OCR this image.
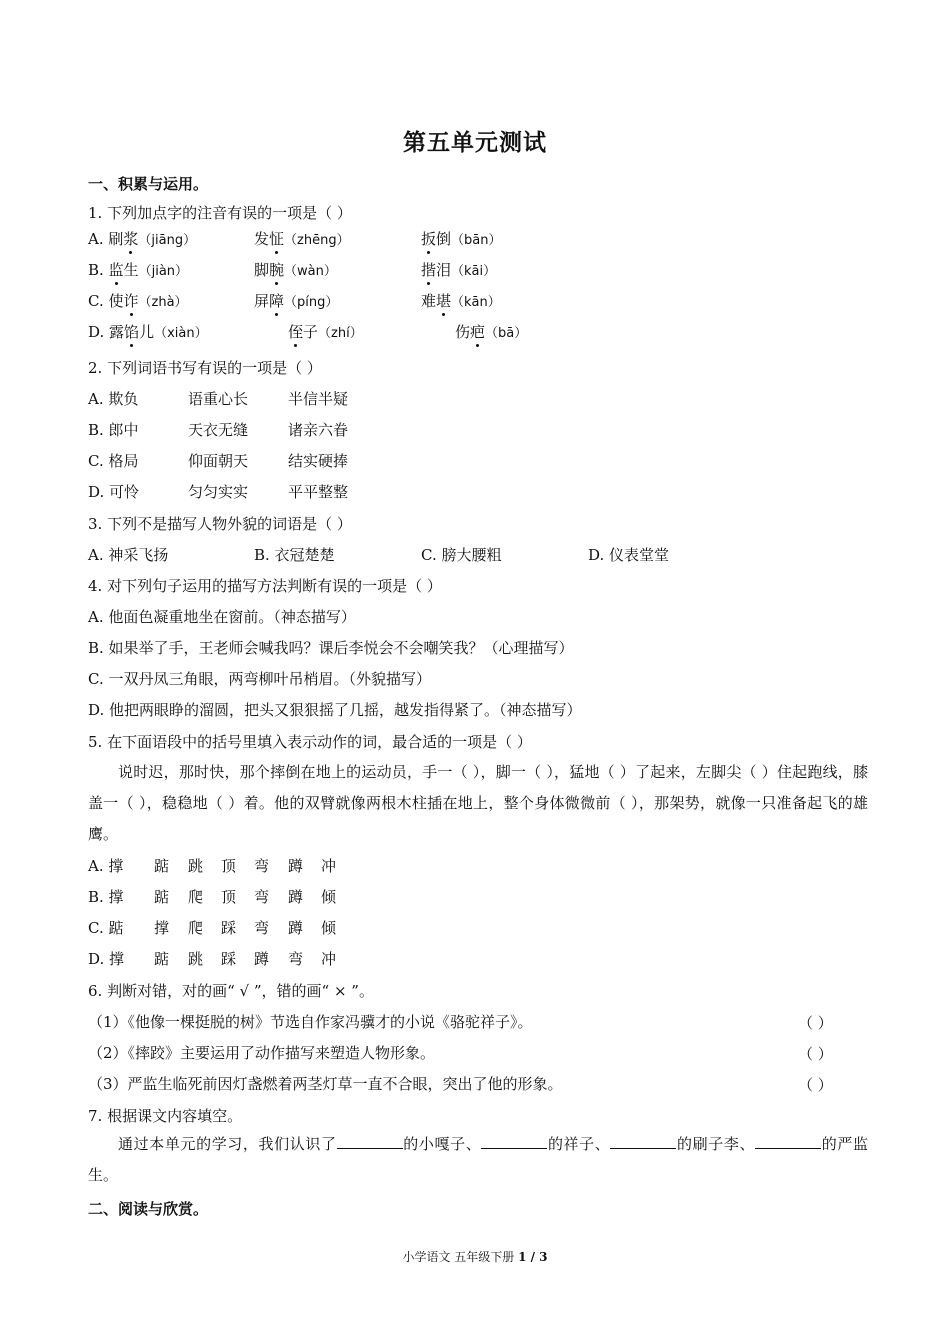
第五单元测试
一、积累与运用。
1. 下列加点字的注音有误的一项是（ ）
A. 刷浆（jiāng）	发怔（zhēng）	扳倒（bān）
B. 监生（jiàn）	脚腕（wàn）	揩泪（kāi）
C. 使诈（zhà）	屏障（píng）	难堪（kān）
D. 露馅儿（xiàn）	侄子（zhí）	伤疤（bā）
2. 下列词语书写有误的一项是（ ）
A. 欺负	语重心长	半信半疑
B. 郎中	天衣无缝	诸亲六眷
C. 格局	仰面朝天	结实硬捧
D. 可怜	匀匀实实	平平整整
3. 下列不是描写人物外貌的词语是（ ）
A. 神采飞扬	B. 衣冠楚楚	C. 膀大腰粗	D. 仪表堂堂
4. 对下列句子运用的描写方法判断有误的一项是（ ）
A. 他面色凝重地坐在窗前。（神态描写）
B. 如果举了手，王老师会喊我吗？课后李悦会不会嘲笑我？（心理描写）
C. 一双丹凤三角眼，两弯柳叶吊梢眉。（外貌描写）
D. 他把两眼睁的溜圆，把头又狠狠摇了几摇，越发指得紧了。（神态描写）
5. 在下面语段中的括号里填入表示动作的词，最合适的一项是（ ）
说时迟，那时快，那个摔倒在地上的运动员，手一（ ），脚一（ ），猛地（ ）了起来，左脚尖（ ）住起跑线，膝盖一（ ），稳稳地（ ）着。他的双臂就像两根木柱插在地上，整个身体微微前（ ），那架势，就像一只准备起飞的雄鹰。
A. 撑 踮 跳 顶 弯 蹲 冲
B. 撑 踮 爬 顶 弯 蹲 倾
C. 踮 撑 爬 踩 弯 蹲 倾
D. 撑 踮 跳 踩 蹲 弯 冲
6. 判断对错，对的画“ √ ”，错的画“ × ”。
（1）《他像一棵挺脱的树》节选自作家冯骥才的小说《骆驼祥子》。	（ ）
（2）《摔跤》主要运用了动作描写来塑造人物形象。	（ ）
（3）严监生临死前因灯盏燃着两茎灯草一直不合眼，突出了他的形象。	（ ）
7. 根据课文内容填空。
通过本单元的学习，我们认识了	的小嘎子、	的祥子、	的刷子李、	的严监生。
二、阅读与欣赏。
小学语文 五年级下册 1 / 3
